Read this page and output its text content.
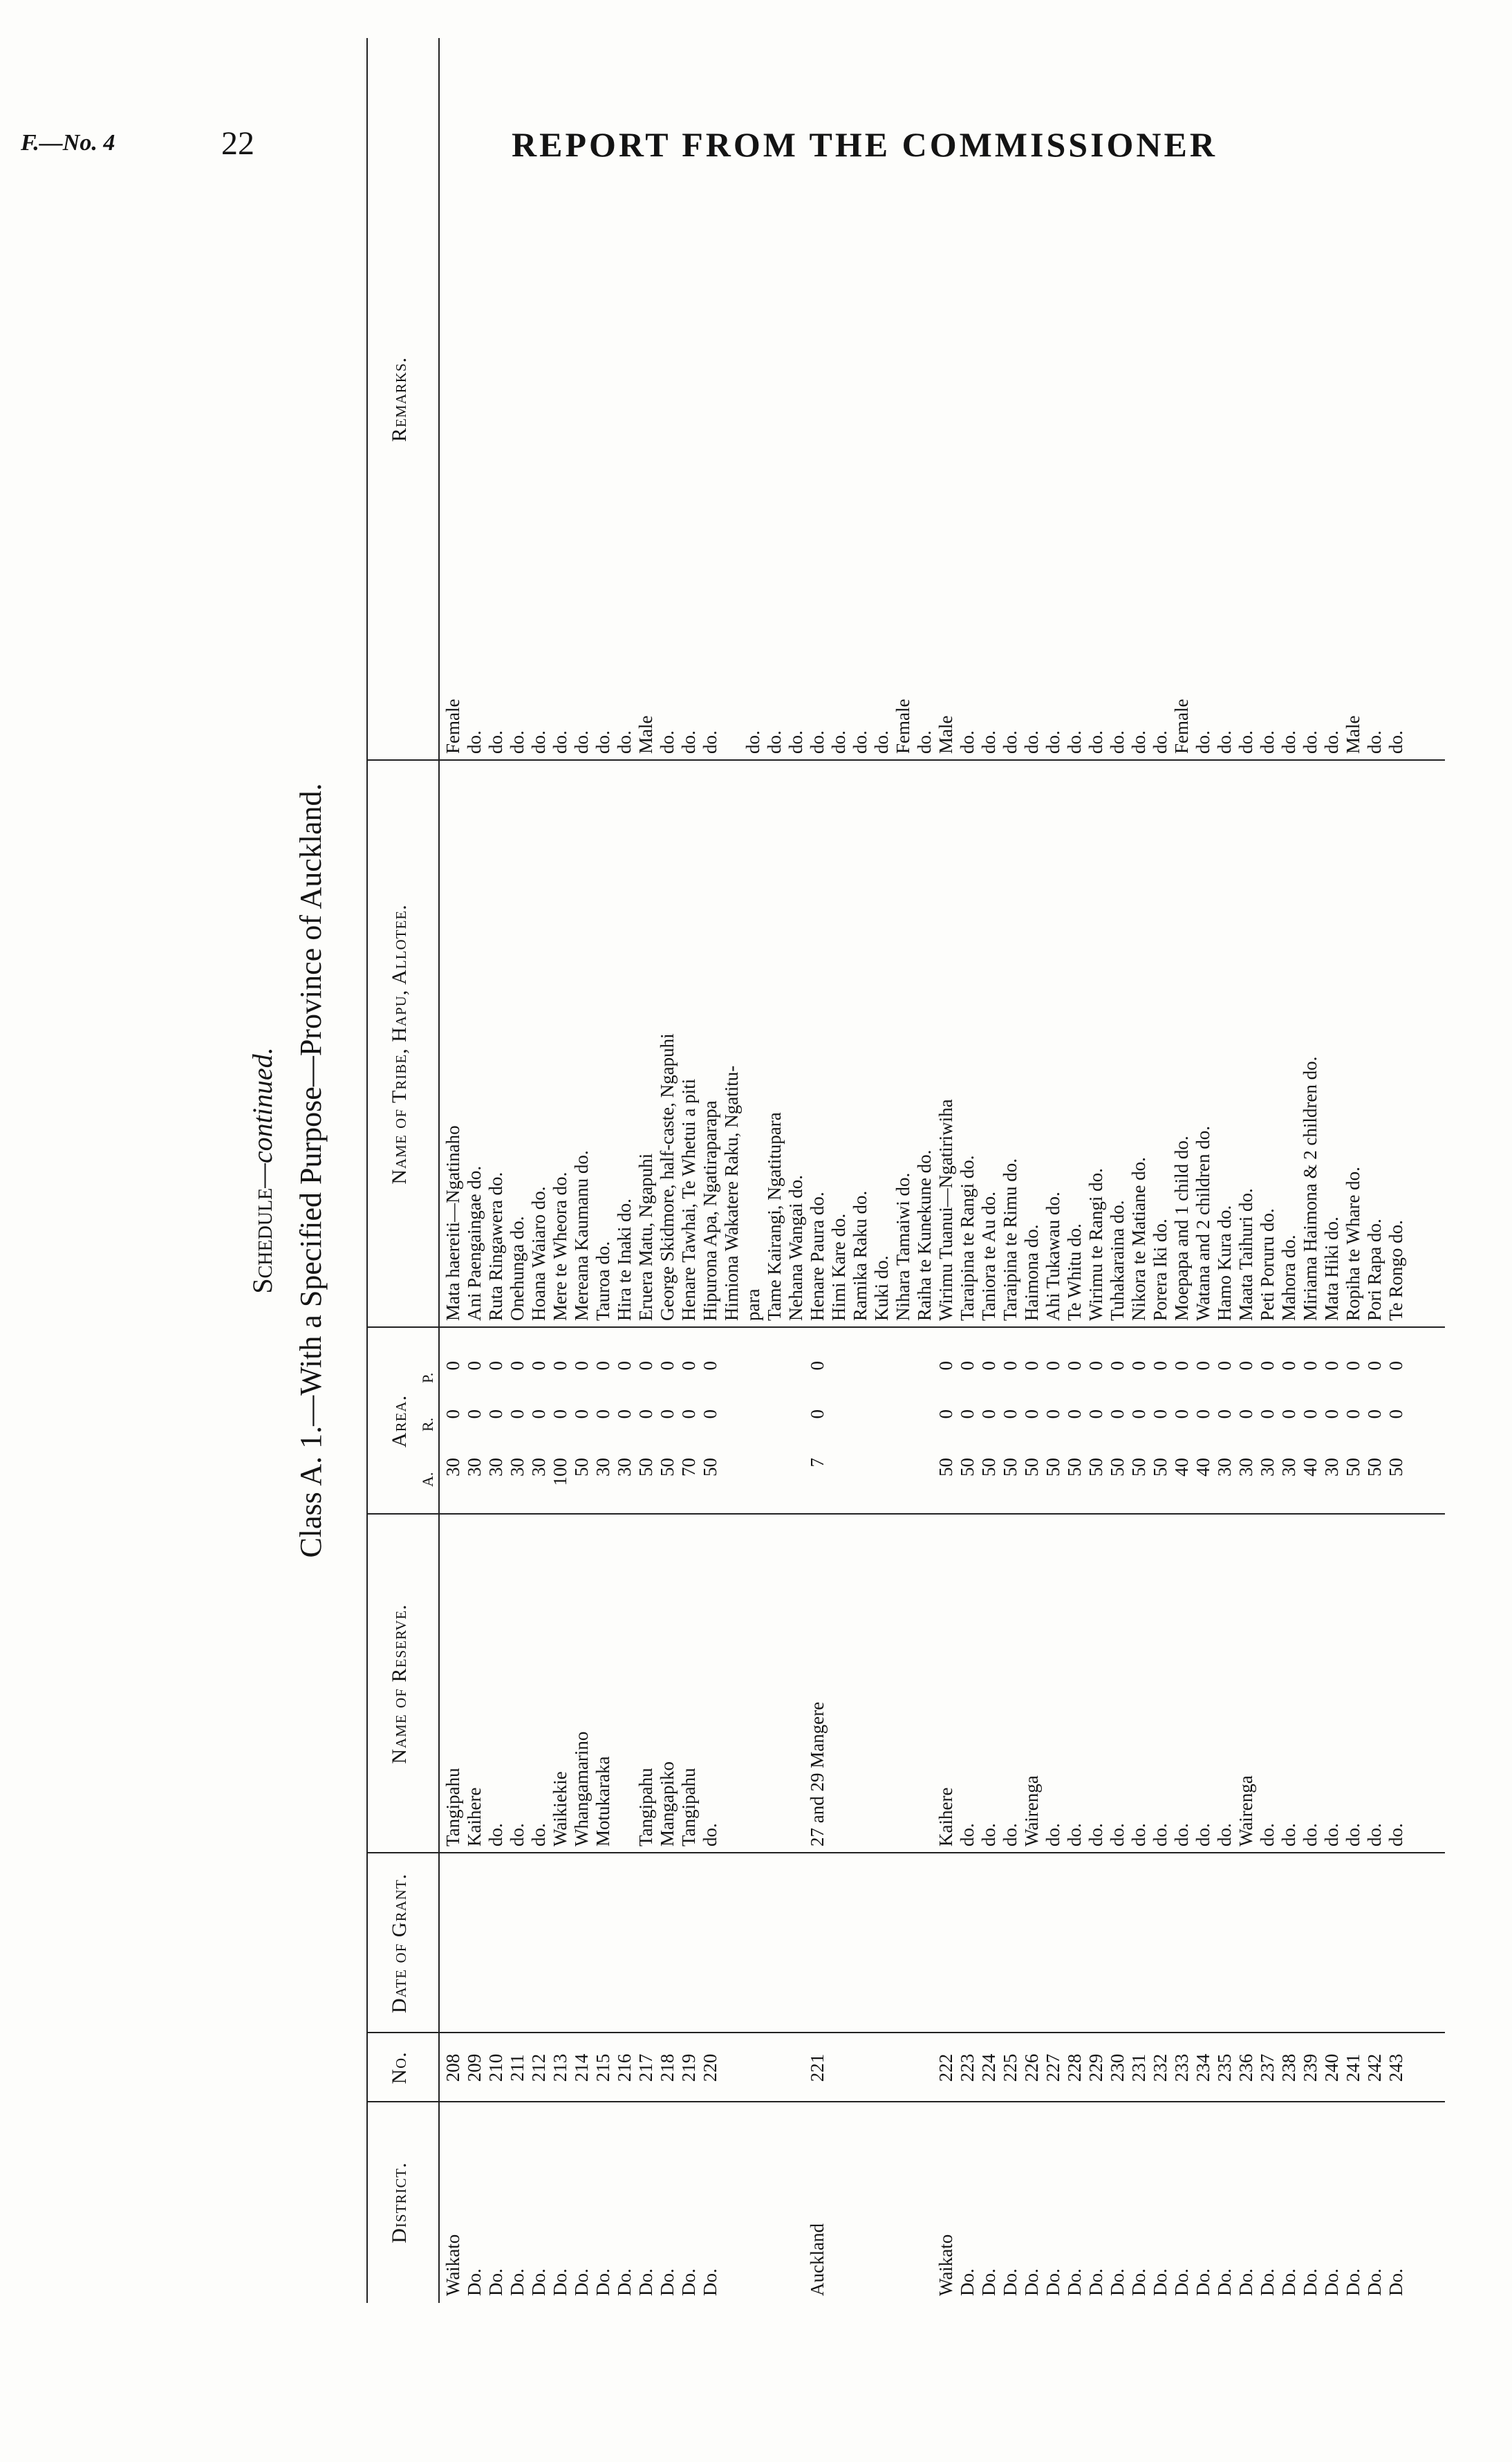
F.—No. 4	22	REPORT FROM THE COMMISSIONER
Schedule—continued. Class A. 1.—With a Specified Purpose—Province of Auckland.
District.
No.
Date of Grant.
Name of Reserve.
Area.
A.
R.
P.
Name of Tribe, Hapu, Allotee.
Remarks.
Waikato
208
Tangipahu
Mata haereiti—Ngatinaho
Female
3000
Do.
209
Kaihere
Ani Paengaingae do.
do.
3000
Do.
210
do.
Ruta Ringawera do.
do.
3000
Do.
211
do.
Onehunga do.
do.
3000
Do.
212
do.
Hoana Waiaro do.
do.
3000
Do.
213
Waikiekie
Mere te Wheora do.
do.
10000
Do.
214
Whangamarino
Mereana Kaumanu do.
do.
5000
Do.
215
Motukaraka
Tauroa do.
do.
3000
Do.
216
Hira te Inaki do.
do.
3000
Do.
217
Tangipahu
Eruera Matu, Ngapuhi
Male
5000
Do.
218
Mangapiko
George Skidmore, half-caste, Ngapuhi
do.
5000
Do.
219
Tangipahu
Henare Tawhai, Te Whetui a piti
do.
7000
Do.
220
do.
Hipurona Apa, Ngatiraparapa
do.
5000
Himiona Wakatere Raku, Ngatitu- para
do.
Tame Kairangi, Ngatitupara
do.
Nehana Wangai do.
do.
Auckland
221
27 and 29 Mangere
Henare Paura do.
do.
700
Himi Kare do.
do.
Ramika Raku do.
do.
Kuki do.
do.
Nihara Tamaiwi do.
Female
Raiha te Kunekune do.
do.
Waikato
222
Kaihere
Wirimu Tuanui—Ngatiriwiha
Male
5000
Do.
223
do.
Taraipina te Rangi do.
do.
5000
Do.
224
do.
Taniora te Au do.
do.
5000
Do.
225
do.
Taraipina te Rimu do.
do.
5000
Do.
226
Wairenga
Haimona do.
do.
5000
Do.
227
do.
Ahi Tukawau do.
do.
5000
Do.
228
do.
Te Whitu do.
do.
5000
Do.
229
do.
Wirimu te Rangi do.
do.
5000
Do.
230
do.
Tuhakaraina do.
do.
5000
Do.
231
do.
Nikora te Matiane do.
do.
5000
Do.
232
do.
Porera Iki do.
do.
5000
Do.
233
do.
Moepapa and 1 child do.
Female
4000
Do.
234
do.
Watana and 2 children do.
do.
4000
Do.
235
do.
Hamo Kura do.
do.
3000
Do.
236
Wairenga
Maata Taihuri do.
do.
3000
Do.
237
do.
Peti Poruru do.
do.
3000
Do.
238
do.
Mahora do.
do.
3000
Do.
239
do.
Miriama Haimona & 2 children do.
do.
4000
Do.
240
do.
Mata Hiki do.
do.
3000
Do.
241
do.
Ropiha te Whare do.
Male
5000
Do.
242
do.
Pori Rapa do.
do.
5000
Do.
243
do.
Te Rongo do.
do.
5000
